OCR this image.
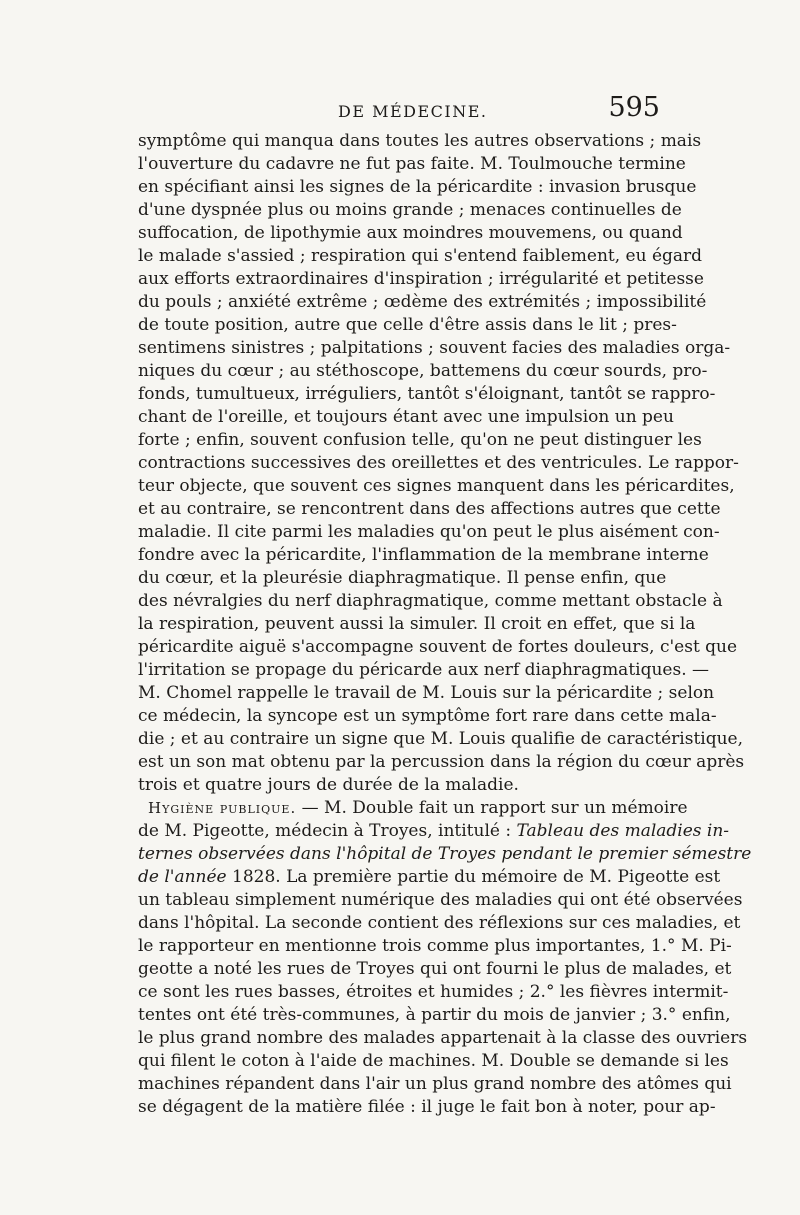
DE MÉDECINE.	595
symptôme qui manqua dans toutes les autres observations ; mais
l'ouverture du cadavre ne fut pas faite. M. Toulmouche termine
en spécifiant ainsi les signes de la péricardite : invasion brusque
d'une dyspnée plus ou moins grande ; menaces continuelles de
suffocation, de lipothymie aux moindres mouvemens, ou quand
le malade s'assied ; respiration qui s'entend faiblement, eu égard
aux efforts extraordinaires d'inspiration ; irrégularité et petitesse
du pouls ; anxiété extrême ; œdème des extrémités ; impossibilité
de toute position, autre que celle d'être assis dans le lit ; pres-
sentimens sinistres ; palpitations ; souvent facies des maladies orga-
niques du cœur ; au stéthoscope, battemens du cœur sourds, pro-
fonds, tumultueux, irréguliers, tantôt s'éloignant, tantôt se rappro-
chant de l'oreille, et toujours étant avec une impulsion un peu
forte ; enfin, souvent confusion telle, qu'on ne peut distinguer les
contractions successives des oreillettes et des ventricules. Le rappor-
teur objecte, que souvent ces signes manquent dans les péricardites,
et au contraire, se rencontrent dans des affections autres que cette
maladie. Il cite parmi les maladies qu'on peut le plus aisément con-
fondre avec la péricardite, l'inflammation de la membrane interne
du cœur, et la pleurésie diaphragmatique. Il pense enfin, que
des névralgies du nerf diaphragmatique, comme mettant obstacle à
la respiration, peuvent aussi la simuler. Il croit en effet, que si la
péricardite aiguë s'accompagne souvent de fortes douleurs, c'est que
l'irritation se propage du péricarde aux nerf diaphragmatiques. —
M. Chomel rappelle le travail de M. Louis sur la péricardite ; selon
ce médecin, la syncope est un symptôme fort rare dans cette mala-
die ; et au contraire un signe que M. Louis qualifie de caractéristique,
est un son mat obtenu par la percussion dans la région du cœur après
trois et quatre jours de durée de la maladie.
Hygiène publique. — M. Double fait un rapport sur un mémoire
de M. Pigeotte, médecin à Troyes, intitulé : Tableau des maladies in-
ternes observées dans l'hôpital de Troyes pendant le premier sémestre
de l'année 1828. La première partie du mémoire de M. Pigeotte est
un tableau simplement numérique des maladies qui ont été observées
dans l'hôpital. La seconde contient des réflexions sur ces maladies, et
le rapporteur en mentionne trois comme plus importantes, 1.° M. Pi-
geotte a noté les rues de Troyes qui ont fourni le plus de malades, et
ce sont les rues basses, étroites et humides ; 2.° les fièvres intermit-
tentes ont été très-communes, à partir du mois de janvier ; 3.° enfin,
le plus grand nombre des malades appartenait à la classe des ouvriers
qui filent le coton à l'aide de machines. M. Double se demande si les
machines répandent dans l'air un plus grand nombre des atômes qui
se dégagent de la matière filée : il juge le fait bon à noter, pour ap-
